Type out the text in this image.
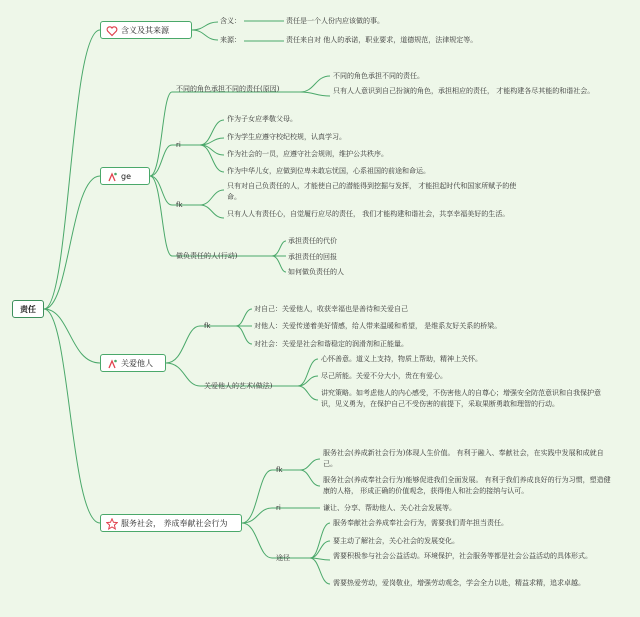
责任
含义及其来源
含义：	责任是一个人份内应该做的事。
来源：	责任来自对 他人的承诺，职业要求，道德规范，法律规定等。
ge
不同的角色承担不同的责任(原因)
不同的角色承担不同的责任。
只有人人意识到自己扮演的角色，承担相应的责任， 才能构建各尽其能的和谐社会。
ri
作为子女应孝敬父母。
作为学生应遵守校纪校规，认真学习。
作为社会的一员，应遵守社会规则，维护公共秩序。
作为中华儿女，应做到位卑未敢忘忧国，心系祖国的前途和命运。
fk
只有对自己负责任的人，才能使自己的潜能得到挖掘与发挥， 才能担起时代和国家所赋予的使命。
只有人人有责任心，自觉履行应尽的责任， 我们才能构建和谐社会，共享幸福美好的生活。
做负责任的人(行动)
承担责任的代价
承担责任的回报
如何做负责任的人
关爱他人
fk
对自己：关爱他人，收获幸福也是善待和关爱自己
对他人：关爱传递着美好情感，给人带来温暖和希望， 是维系友好关系的桥梁。
对社会：关爱是社会和谐稳定的润滑剂和正能量。
关爱他人的艺术(做法)
心怀善意。道义上支持，物质上帮助，精神上关怀。
尽己所能。关爱不分大小，贵在有爱心。
讲究策略。如考虑他人的内心感受，不伤害他人的自尊心；增强安全防范意识和自我保护意识，见义勇为，在保护自己不受伤害的前提下，采取果断勇敢和理智的行动。
服务社会， 养成奉献社会行为
fk
服务社会(养成新社会行为)体现人生价值。 有利于融入、奉献社会，在实践中发展和成就自己。
服务社会(养成奉社会行为)能够促进我们全面发展。 有利于我们养成良好的行为习惯，塑造健康的人格， 形成正确的价值观念，获得他人和社会的接纳与认可。
ri	谦让、分享、帮助他人、关心社会发展等。
途径
服务奉献社会养成奉社会行为，需要我们青年担当责任。
要主动了解社会，关心社会的发展变化。
需要积极参与社会公益活动。环境保护，社会服务等都是社会公益活动的具体形式。
需要热爱劳动，爱岗敬业，增强劳动观念，学会全力以赴，精益求精，追求卓越。
